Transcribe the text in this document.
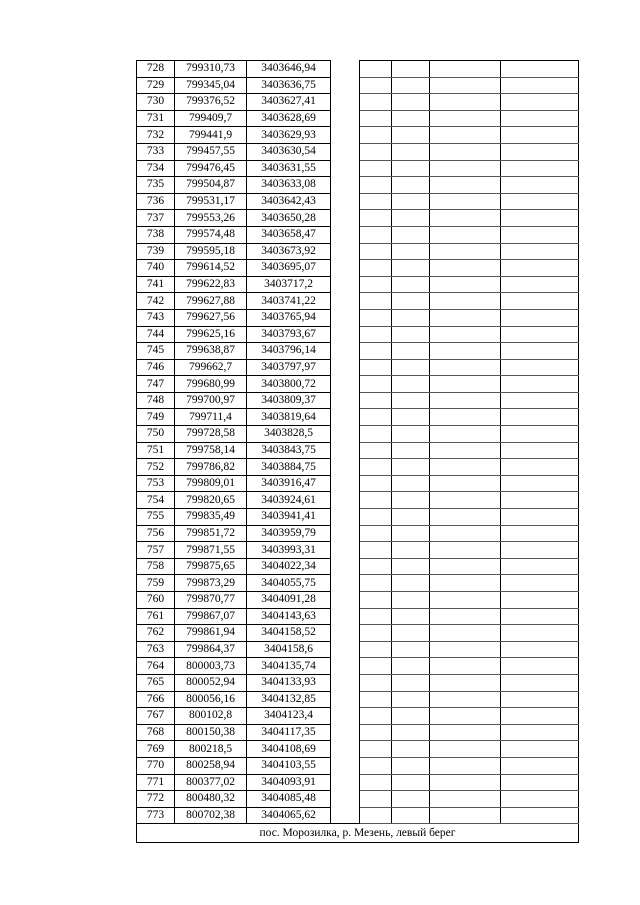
728	799310,73	3403646,94					
729	799345,04	3403636,75					
730	799376,52	3403627,41					
731	799409,7	3403628,69					
732	799441,9	3403629,93					
733	799457,55	3403630,54					
734	799476,45	3403631,55					
735	799504,87	3403633,08					
736	799531,17	3403642,43					
737	799553,26	3403650,28					
738	799574,48	3403658,47					
739	799595,18	3403673,92					
740	799614,52	3403695,07					
741	799622,83	3403717,2					
742	799627,88	3403741,22					
743	799627,56	3403765,94					
744	799625,16	3403793,67					
745	799638,87	3403796,14					
746	799662,7	3403797,97					
747	799680,99	3403800,72					
748	799700,97	3403809,37					
749	799711,4	3403819,64					
750	799728,58	3403828,5					
751	799758,14	3403843,75					
752	799786,82	3403884,75					
753	799809,01	3403916,47					
754	799820,65	3403924,61					
755	799835,49	3403941,41					
756	799851,72	3403959,79					
757	799871,55	3403993,31					
758	799875,65	3404022,34					
759	799873,29	3404055,75					
760	799870,77	3404091,28					
761	799867,07	3404143,63					
762	799861,94	3404158,52					
763	799864,37	3404158,6					
764	800003,73	3404135,74					
765	800052,94	3404133,93					
766	800056,16	3404132,85					
767	800102,8	3404123,4					
768	800150,38	3404117,35					
769	800218,5	3404108,69					
770	800258,94	3404103,55					
771	800377,02	3404093,91					
772	800480,32	3404085,48					
773	800702,38	3404065,62					
пос. Морозилка, р. Мезень, левый берег							
